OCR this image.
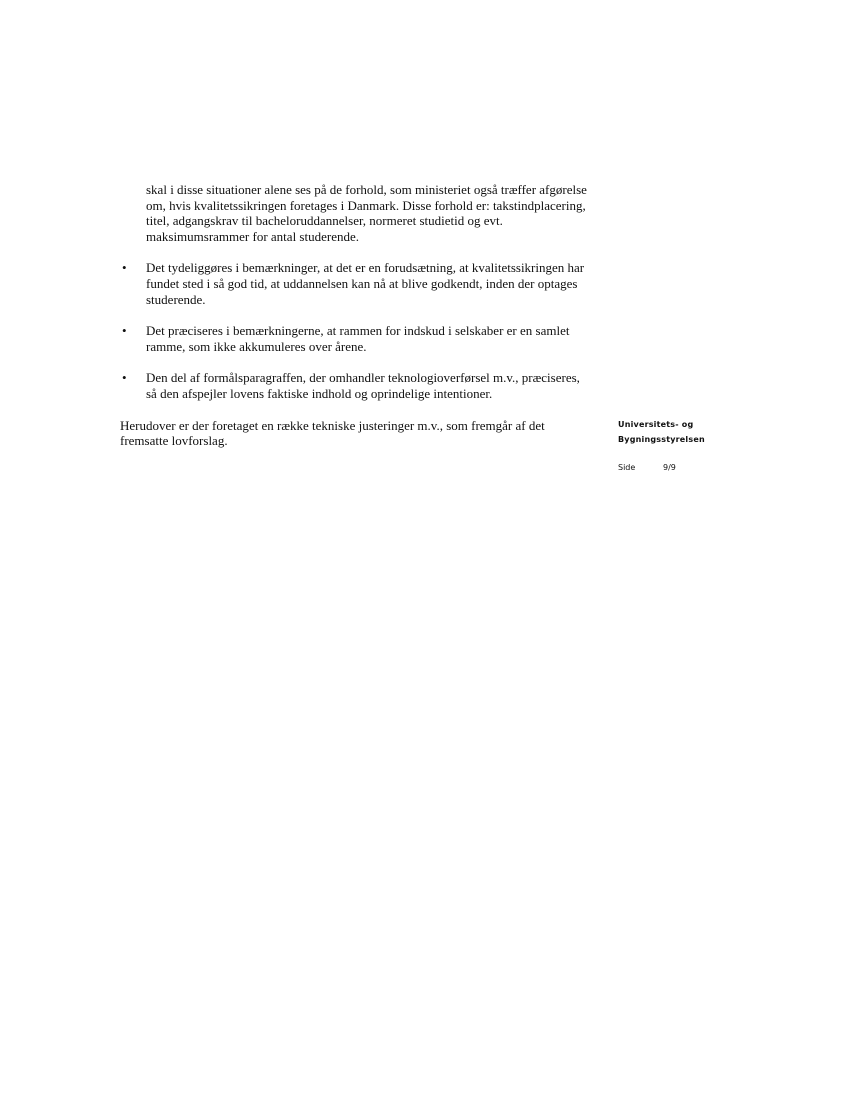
skal i disse situationer alene ses på de forhold, som ministeriet også træffer afgørelse om, hvis kvalitetssikringen foretages i Danmark. Disse forhold er: takstindplacering, titel, adgangskrav til bacheloruddannelser, normeret studietid og evt. maksimumsrammer for antal studerende.

• Det tydeliggøres i bemærkninger, at det er en forudsætning, at kvalitetssikringen har fundet sted i så god tid, at uddannelsen kan nå at blive godkendt, inden der optages studerende.
• Det præciseres i bemærkningerne, at rammen for indskud i selskaber er en samlet ramme, som ikke akkumuleres over årene.
• Den del af formålsparagraffen, der omhandler teknologioverførsel m.v., præciseres, så den afspejler lovens faktiske indhold og oprindelige intentioner.

Herudover er der foretaget en række tekniske justeringer m.v., som fremgår af det fremsatte lovforslag.

Universitets- og
Bygningsstyrelsen
Side	9/9
